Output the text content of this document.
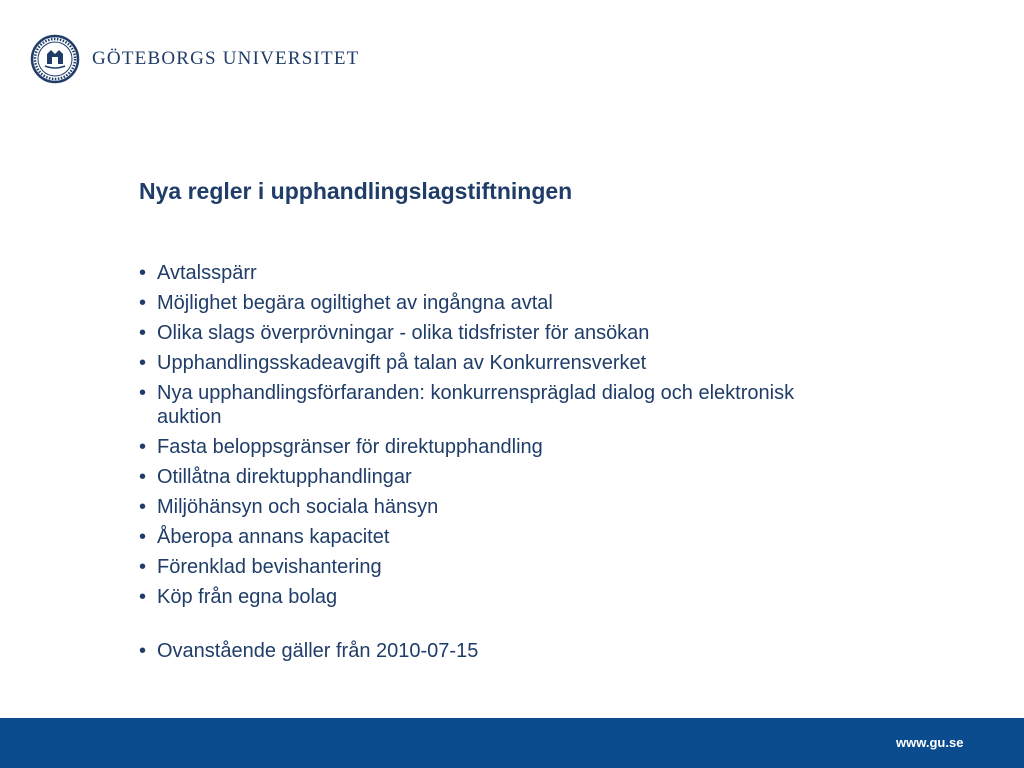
GÖTEBORGS UNIVERSITET
Nya regler i upphandlingslagstiftningen
• Avtalsspärr
• Möjlighet begära ogiltighet av ingångna avtal
• Olika slags överprövningar - olika tidsfrister för ansökan
• Upphandlingsskadeavgift på talan av Konkurrensverket
• Nya upphandlingsförfaranden: konkurrenspräglad dialog och elektronisk auktion
• Fasta beloppsgränser för direktupphandling
• Otillåtna direktupphandlingar
• Miljöhänsyn och sociala hänsyn
• Åberopa annans kapacitet
• Förenklad bevishantering
• Köp från egna bolag
• Ovanstående gäller från 2010-07-15
www.gu.se
